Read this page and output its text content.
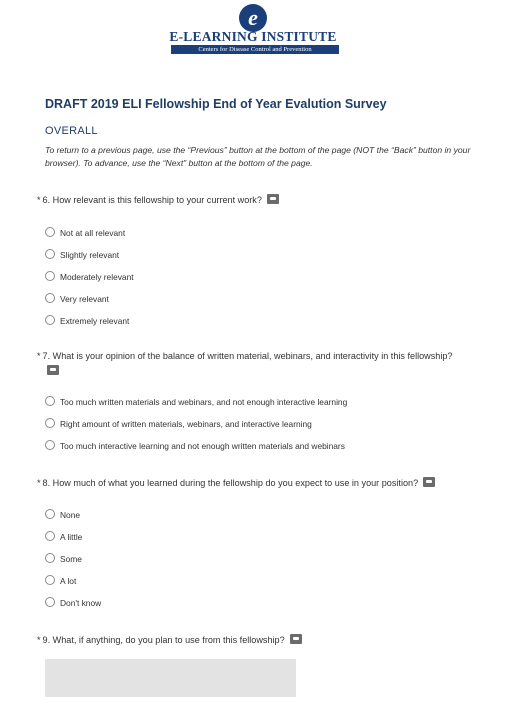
e
E-LEARNING INSTITUTE
Centers for Disease Control and Prevention
DRAFT 2019 ELI Fellowship End of Year Evalution Survey
OVERALL
To return to a previous page, use the “Previous” button at the bottom of the page (NOT the “Back” button in your browser). To advance, use the “Next” button at the bottom of the page.
* 6. How relevant is this fellowship to your current work?
Not at all relevant
Slightly relevant
Moderately relevant
Very relevant
Extremely relevant
* 7. What is your opinion of the balance of written material, webinars, and interactivity in this fellowship?
Too much written materials and webinars, and not enough interactive learning
Right amount of written materials, webinars, and interactive learning
Too much interactive learning and not enough written materials and webinars
* 8. How much of what you learned during the fellowship do you expect to use in your position?
None
A little
Some
A lot
Don't know
* 9. What, if anything, do you plan to use from this fellowship?
